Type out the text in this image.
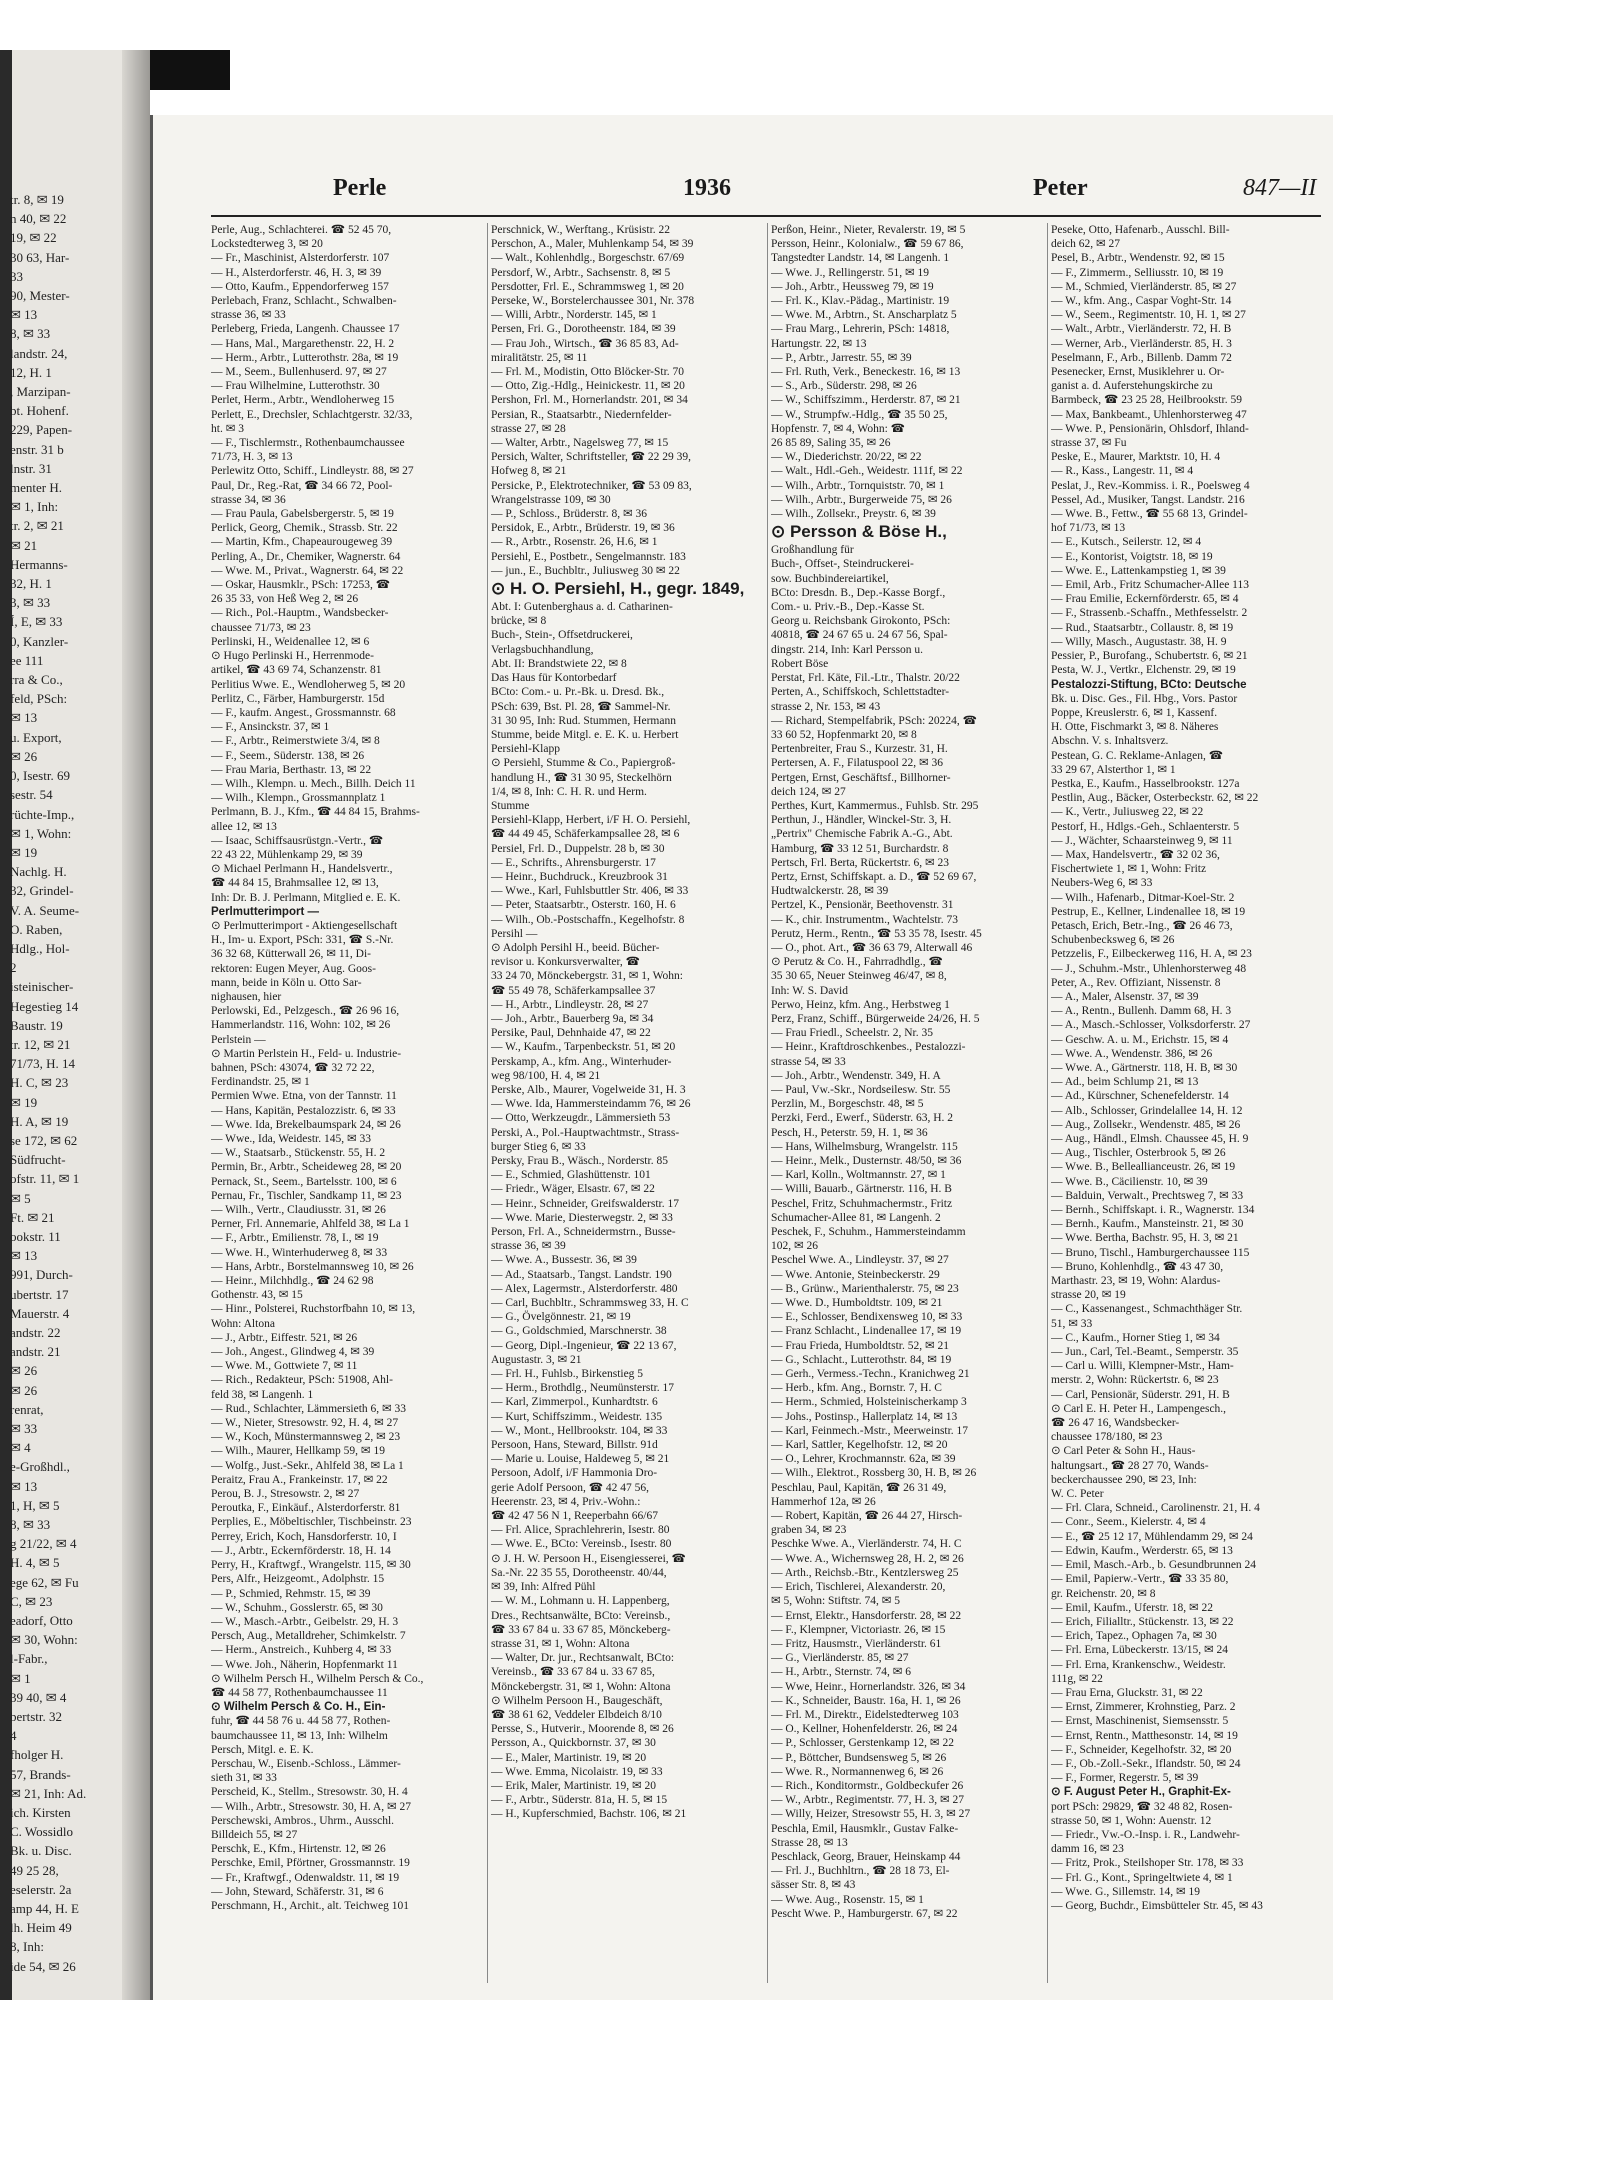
tr. 8, ✉ 19
n 40, ✉ 22
19, ✉ 22
30 63, Har-
33
90, Mester-
✉ 13
8, ✉ 33
landstr. 24,
12, H. 1
, Marzipan-
bt. Hohenf.
229, Papen-
enstr. 31 b
lnstr. 31
menter H.
✉ 1, Inh:
tr. 2, ✉ 21
✉ 21
Hermanns-
32, H. 1
3, ✉ 33
Í, E, ✉ 33
0, Kanzler-
ee 111
rra & Co.,
feld, PSch:
✉ 13
u. Export,
✉ 26
0, Isestr. 69
sestr. 54
rüchte-Imp.,
✉ 1, Wohn:
✉ 19
Nachlg. H.
32, Grindel-
V. A. Seume-
O. Raben,
Hdlg., Hol-
2
isteinischer-
Hegestieg 14
Baustr. 19
tr. 12, ✉ 21
71/73, H. 14
H. C, ✉ 23
✉ 19
H. A, ✉ 19
se 172, ✉ 62
Südfrucht-
ofstr. 11, ✉ 1
✉ 5
Ft. ✉ 21
ookstr. 11
✉ 13
991, Durch-
ubertstr. 17
Mauerstr. 4
andstr. 22
andstr. 21
✉ 26
✉ 26
renrat,
✉ 33
✉ 4
e-Großhdl.,
✉ 13
1, H, ✉ 5
8, ✉ 33
g 21/22, ✉ 4
H. 4, ✉ 5
ege 62, ✉ Fu
C, ✉ 23
eadorf, Otto
✉ 30, Wohn:
l-Fabr.,
✉ 1
39 40, ✉ 4
bertstr. 32
4
fholger H.
57, Brands-
✉ 21, Inh: Ad.
ich. Kirsten
C. Wossidlo
Bk. u. Disc.
49 25 28,
eselerstr. 2a
amp 44, H. E
lh. Heim 49
8, Inh:
ide 54, ✉ 26
Perle	1936	Peter	847—II
Perle, Aug., Schlachterei. ☎ 52 45 70,
Lockstedterweg 3, ✉ 20
— Fr., Maschinist, Alsterdorferstr. 107
— H., Alsterdorferstr. 46, H. 3, ✉ 39
— Otto, Kaufm., Eppendorferweg 157
Perlebach, Franz, Schlacht., Schwalben-
strasse 36, ✉ 33
Perleberg, Frieda, Langenh. Chaussee 17
— Hans, Mal., Margarethenstr. 22, H. 2
— Herm., Arbtr., Lutterothstr. 28a, ✉ 19
— M., Seem., Bullenhuserd. 97, ✉ 27
— Frau Wilhelmine, Lutterothstr. 30
Perlet, Herm., Arbtr., Wendloherweg 15
Perlett, E., Drechsler, Schlachtgerstr. 32/33,
ht. ✉ 3
— F., Tischlermstr., Rothenbaumchaussee
71/73, H. 3, ✉ 13
Perlewitz Otto, Schiff., Lindleystr. 88, ✉ 27
Paul, Dr., Reg.-Rat, ☎ 34 66 72, Pool-
strasse 34, ✉ 36
— Frau Paula, Gabelsbergerstr. 5, ✉ 19
Perlick, Georg, Chemik., Strassb. Str. 22
— Martin, Kfm., Chapeaurougeweg 39
Perling, A., Dr., Chemiker, Wagnerstr. 64
— Wwe. M., Privat., Wagnerstr. 64, ✉ 22
— Oskar, Hausmklr., PSch: 17253, ☎
26 35 33, von Heß Weg 2, ✉ 26
— Rich., Pol.-Hauptm., Wandsbecker-
chaussee 71/73, ✉ 23
Perlinski, H., Weidenallee 12, ✉ 6
⊙ Hugo Perlinski H., Herrenmode-
artikel, ☎ 43 69 74, Schanzenstr. 81
Perlitius Wwe. E., Wendloherweg 5, ✉ 20
Perlitz, C., Färber, Hamburgerstr. 15d
— F., kaufm. Angest., Grossmannstr. 68
— F., Ansinckstr. 37, ✉ 1
— F., Arbtr., Reimerstwiete 3/4, ✉ 8
— F., Seem., Süderstr. 138, ✉ 26
— Frau Maria, Berthastr. 13, ✉ 22
— Wilh., Klempn. u. Mech., Billh. Deich 11
— Wilh., Klempn., Grossmannplatz 1
Perlmann, B. J., Kfm., ☎ 44 84 15, Brahms-
allee 12, ✉ 13
— Isaac, Schiffsausrüstgn.-Vertr., ☎
22 43 22, Mühlenkamp 29, ✉ 39
⊙ Michael Perlmann H., Handelsvertr.,
☎ 44 84 15, Brahmsallee 12, ✉ 13,
Inh: Dr. B. J. Perlmann, Mitglied e. E. K.
Perlmutterimport —
⊙ Perlmutterimport - Aktiengesellschaft
H., Im- u. Export, PSch: 331, ☎ S.-Nr.
36 32 68, Kütterwall 26, ✉ 11, Di-
rektoren: Eugen Meyer, Aug. Goos-
mann, beide in Köln u. Otto Sar-
nighausen, hier
Perlowski, Ed., Pelzgesch., ☎ 26 96 16,
Hammerlandstr. 116, Wohn: 102, ✉ 26
Perlstein —
⊙ Martin Perlstein H., Feld- u. Industrie-
bahnen, PSch: 43074, ☎ 32 72 22,
Ferdinandstr. 25, ✉ 1
Permien Wwe. Etna, von der Tannstr. 11
— Hans, Kapitän, Pestalozzistr. 6, ✉ 33
— Wwe. Ida, Brekelbaumspark 24, ✉ 26
— Wwe., Ida, Weidestr. 145, ✉ 33
— W., Staatsarb., Stückenstr. 55, H. 2
Permin, Br., Arbtr., Scheideweg 28, ✉ 20
Pernack, St., Seem., Bartelsstr. 100, ✉ 6
Pernau, Fr., Tischler, Sandkamp 11, ✉ 23
— Wilh., Vertr., Claudiusstr. 31, ✉ 26
Perner, Frl. Annemarie, Ahlfeld 38, ✉ La 1
— F., Arbtr., Emilienstr. 78, I., ✉ 19
— Wwe. H., Winterhuderweg 8, ✉ 33
— Hans, Arbtr., Borstelmannsweg 10, ✉ 26
— Heinr., Milchhdlg., ☎ 24 62 98
Gothenstr. 43, ✉ 15
— Hinr., Polsterei, Ruchstorfbahn 10, ✉ 13,
Wohn: Altona
— J., Arbtr., Eiffestr. 521, ✉ 26
— Joh., Angest., Glindweg 4, ✉ 39
— Wwe. M., Gottwiete 7, ✉ 11
— Rich., Redakteur, PSch: 51908, Ahl-
feld 38, ✉ Langenh. 1
— Rud., Schlachter, Lämmersieth 6, ✉ 33
— W., Nieter, Stresowstr. 92, H. 4, ✉ 27
— W., Koch, Münstermannsweg 2, ✉ 23
— Wilh., Maurer, Hellkamp 59, ✉ 19
— Wolfg., Just.-Sekr., Ahlfeld 38, ✉ La 1
Peraitz, Frau A., Frankeinstr. 17, ✉ 22
Perou, B. J., Stresowstr. 2, ✉ 27
Peroutka, F., Einkäuf., Alsterdorferstr. 81
Perplies, E., Möbeltischler, Tischbeinstr. 23
Perrey, Erich, Koch, Hansdorferstr. 10, I
— J., Arbtr., Eckernförderstr. 18, H. 14
Perry, H., Kraftwgf., Wrangelstr. 115, ✉ 30
Pers, Alfr., Heizgeomt., Adolphstr. 15
— P., Schmied, Rehmstr. 15, ✉ 39
— W., Schuhm., Gosslerstr. 65, ✉ 30
— W., Masch.-Arbtr., Geibelstr. 29, H. 3
Persch, Aug., Metalldreher, Schimkelstr. 7
— Herm., Anstreich., Kuhberg 4, ✉ 33
— Wwe. Joh., Näherin, Hopfenmarkt 11
⊙ Wilhelm Persch H., Wilhelm Persch & Co.,
☎ 44 58 77, Rothenbaumchaussee 11
⊙ Wilhelm Persch & Co. H., Ein-
fuhr, ☎ 44 58 76 u. 44 58 77, Rothen-
baumchaussee 11, ✉ 13, Inh: Wilhelm
Persch, Mitgl. e. E. K.
Perschau, W., Eisenb.-Schloss., Lämmer-
sieth 31, ✉ 33
Perscheid, K., Stellm., Stresowstr. 30, H. 4
— Wilh., Arbtr., Stresowstr. 30, H. A, ✉ 27
Perschewski, Ambros., Uhrm., Ausschl.
Billdeich 55, ✉ 27
Perschk, E., Kfm., Hirtenstr. 12, ✉ 26
Perschke, Emil, Pförtner, Grossmannstr. 19
— Fr., Kraftwgf., Odenwaldstr. 11, ✉ 19
— John, Steward, Schäferstr. 31, ✉ 6
Perschmann, H., Archit., alt. Teichweg 101
Perschnick, W., Werftang., Krüsistr. 22
Perschon, A., Maler, Muhlenkamp 54, ✉ 39
— Walt., Kohlenhdlg., Borgeschstr. 67/69
Persdorf, W., Arbtr., Sachsenstr. 8, ✉ 5
Persdotter, Frl. E., Schrammsweg 1, ✉ 20
Perseke, W., Borstelerchaussee 301, Nr. 378
— Willi, Arbtr., Norderstr. 145, ✉ 1
Persen, Fri. G., Dorotheenstr. 184, ✉ 39
— Frau Joh., Wirtsch., ☎ 36 85 83, Ad-
miralitätstr. 25, ✉ 11
— Frl. M., Modistin, Otto Blöcker-Str. 70
— Otto, Zig.-Hdlg., Heinickestr. 11, ✉ 20
Pershon, Frl. M., Hornerlandstr. 201, ✉ 34
Persian, R., Staatsarbtr., Niedernfelder-
strasse 27, ✉ 28
— Walter, Arbtr., Nagelsweg 77, ✉ 15
Persich, Walter, Schriftsteller, ☎ 22 29 39,
Hofweg 8, ✉ 21
Persicke, P., Elektrotechniker, ☎ 53 09 83,
Wrangelstrasse 109, ✉ 30
— P., Schloss., Brüderstr. 8, ✉ 36
Persidok, E., Arbtr., Brüderstr. 19, ✉ 36
— R., Arbtr., Rosenstr. 26, H.6, ✉ 1
Persiehl, E., Postbetr., Sengelmannstr. 183
— jun., E., Buchbltr., Juliusweg 30 ✉ 22
⊙ H. O. Persiehl, H., gegr. 1849,
Abt. I: Gutenberghaus a. d. Catharinen-
brücke, ✉ 8
Buch-, Stein-, Offsetdruckerei,
Verlagsbuchhandlung,
Abt. II: Brandstwiete 22, ✉ 8
Das Haus für Kontorbedarf
BCto: Com.- u. Pr.-Bk. u. Dresd. Bk.,
PSch: 639, Bst. Pl. 28, ☎ Sammel-Nr.
31 30 95, Inh: Rud. Stummen, Hermann
Stumme, beide Mitgl. e. E. K. u. Herbert
Persiehl-Klapp
⊙ Persiehl, Stumme & Co., Papiergroß-
handlung H., ☎ 31 30 95, Steckelhörn
1/4, ✉ 8, Inh: C. H. R. und Herm.
Stumme
Persiehl-Klapp, Herbert, i/F H. O. Persiehl,
☎ 44 49 45, Schäferkampsallee 28, ✉ 6
Persiel, Frl. D., Duppelstr. 28 b, ✉ 30
— E., Schrifts., Ahrensburgerstr. 17
— Heinr., Buchdruck., Kreuzbrook 31
— Wwe., Karl, Fuhlsbuttler Str. 406, ✉ 33
— Peter, Staatsarbtr., Osterstr. 160, H. 6
— Wilh., Ob.-Postschaffn., Kegelhofstr. 8
Persihl —
⊙ Adolph Persihl H., beeid. Bücher-
revisor u. Konkursverwalter, ☎
33 24 70, Mönckebergstr. 31, ✉ 1, Wohn:
☎ 55 49 78, Schäferkampsallee 37
— H., Arbtr., Lindleystr. 28, ✉ 27
— Joh., Arbtr., Bauerberg 9a, ✉ 34
Persike, Paul, Dehnhaide 47, ✉ 22
— W., Kaufm., Tarpenbeckstr. 51, ✉ 20
Perskamp, A., kfm. Ang., Winterhuder-
weg 98/100, H. 4, ✉ 21
Perske, Alb., Maurer, Vogelweide 31, H. 3
— Wwe. Ida, Hammersteindamm 76, ✉ 26
— Otto, Werkzeugdr., Lämmersieth 53
Perski, A., Pol.-Hauptwachtmstr., Strass-
burger Stieg 6, ✉ 33
Persky, Frau B., Wäsch., Norderstr. 85
— E., Schmied, Glashüttenstr. 101
— Friedr., Wäger, Elsastr. 67, ✉ 22
— Heinr., Schneider, Greifswalderstr. 17
— Wwe. Marie, Diesterwegstr. 2, ✉ 33
Person, Frl. A., Schneidermstrn., Busse-
strasse 36, ✉ 39
— Wwe. A., Bussestr. 36, ✉ 39
— Ad., Staatsarb., Tangst. Landstr. 190
— Alex, Lagermstr., Alsterdorferstr. 480
— Carl, Buchbltr., Schrammsweg 33, H. C
— G., Övelgönnestr. 21, ✉ 19
— G., Goldschmied, Marschnerstr. 38
— Georg, Dipl.-Ingenieur, ☎ 22 13 67,
Augustastr. 3, ✉ 21
— Frl. H., Fuhlsb., Birkenstieg 5
— Herm., Brothdlg., Neumünsterstr. 17
— Karl, Zimmerpol., Kunhardtstr. 6
— Kurt, Schiffszimm., Weidestr. 135
— W., Mont., Hellbrookstr. 104, ✉ 33
Persoon, Hans, Steward, Billstr. 91d
— Marie u. Louise, Haldeweg 5, ✉ 21
Persoon, Adolf, i/F Hammonia Dro-
gerie Adolf Persoon, ☎ 42 47 56,
Heerenstr. 23, ✉ 4, Priv.-Wohn.:
☎ 42 47 56 N 1, Reeperbahn 66/67
— Frl. Alice, Sprachlehrerin, Isestr. 80
— Wwe. E., BCto: Vereinsb., Isestr. 80
⊙ J. H. W. Persoon H., Eisengiesserei, ☎
Sa.-Nr. 22 35 55, Dorotheenstr. 40/44,
✉ 39, Inh: Alfred Pühl
— W. M., Lohmann u. H. Lappenberg,
Dres., Rechtsanwälte, BCto: Vereinsb.,
☎ 33 67 84 u. 33 67 85, Mönckeberg-
strasse 31, ✉ 1, Wohn: Altona
— Walter, Dr. jur., Rechtsanwalt, BCto:
Vereinsb., ☎ 33 67 84 u. 33 67 85,
Mönckebergstr. 31, ✉ 1, Wohn: Altona
⊙ Wilhelm Persoon H., Baugeschäft,
☎ 38 61 62, Veddeler Elbdeich 8/10
Persse, S., Hutverir., Moorende 8, ✉ 26
Persson, A., Quickbornstr. 37, ✉ 30
— E., Maler, Martinistr. 19, ✉ 20
— Wwe. Emma, Nicolaistr. 19, ✉ 33
— Erik, Maler, Martinistr. 19, ✉ 20
— F., Arbtr., Süderstr. 81a, H. 5, ✉ 15
— H., Kupferschmied, Bachstr. 106, ✉ 21
Perßon, Heinr., Nieter, Revalerstr. 19, ✉ 5
Persson, Heinr., Kolonialw., ☎ 59 67 86,
Tangstedter Landstr. 14, ✉ Langenh. 1
— Wwe. J., Rellingerstr. 51, ✉ 19
— Joh., Arbtr., Heussweg 79, ✉ 19
— Frl. K., Klav.-Pädag., Martinistr. 19
— Wwe. M., Arbtrn., St. Anscharplatz 5
— Frau Marg., Lehrerin, PSch: 14818,
Hartungstr. 22, ✉ 13
— P., Arbtr., Jarrestr. 55, ✉ 39
— Frl. Ruth, Verk., Beneckestr. 16, ✉ 13
— S., Arb., Süderstr. 298, ✉ 26
— W., Schiffszimm., Herderstr. 87, ✉ 21
— W., Strumpfw.-Hdlg., ☎ 35 50 25,
Hopfenstr. 7, ✉ 4, Wohn: ☎
26 85 89, Saling 35, ✉ 26
— W., Diederichstr. 20/22, ✉ 22
— Walt., Hdl.-Geh., Weidestr. 111f, ✉ 22
— Wilh., Arbtr., Tornquiststr. 70, ✉ 1
— Wilh., Arbtr., Burgerweide 75, ✉ 26
— Wilh., Zollsekr., Preystr. 6, ✉ 39
⊙ Persson & Böse H.,
Großhandlung für
Buch-, Offset-, Steindruckerei-
sow. Buchbindereiartikel,
BCto: Dresdn. B., Dep.-Kasse Borgf.,
Com.- u. Priv.-B., Dep.-Kasse St.
Georg u. Reichsbank Girokonto, PSch:
40818, ☎ 24 67 65 u. 24 67 56, Spal-
dingstr. 214, Inh: Karl Persson u.
Robert Böse
Perstat, Frl. Käte, Fil.-Ltr., Thalstr. 20/22
Perten, A., Schiffskoch, Schlettstadter-
strasse 2, Nr. 153, ✉ 43
— Richard, Stempelfabrik, PSch: 20224, ☎
33 60 52, Hopfenmarkt 20, ✉ 8
Pertenbreiter, Frau S., Kurzestr. 31, H.
Pertersen, A. F., Filatuspool 22, ✉ 36
Pertgen, Ernst, Geschäftsf., Billhorner-
deich 124, ✉ 27
Perthes, Kurt, Kammermus., Fuhlsb. Str. 295
Perthun, J., Händler, Winckel-Str. 3, H.
„Pertrix" Chemische Fabrik A.-G., Abt.
Hamburg, ☎ 33 12 51, Burchardstr. 8
Pertsch, Frl. Berta, Rückertstr. 6, ✉ 23
Pertz, Ernst, Schiffskapt. a. D., ☎ 52 69 67,
Hudtwalckerstr. 28, ✉ 39
Pertzel, K., Pensionär, Beethovenstr. 31
— K., chir. Instrumentm., Wachtelstr. 73
Perutz, Herm., Rentn., ☎ 53 35 78, Isestr. 45
— O., phot. Art., ☎ 36 63 79, Alterwall 46
⊙ Perutz & Co. H., Fahrradhdlg., ☎
35 30 65, Neuer Steinweg 46/47, ✉ 8,
Inh: W. S. David
Perwo, Heinz, kfm. Ang., Herbstweg 1
Perz, Franz, Schiff., Bürgerweide 24/26, H. 5
— Frau Friedl., Scheelstr. 2, Nr. 35
— Heinr., Kraftdroschkenbes., Pestalozzi-
strasse 54, ✉ 33
— Joh., Arbtr., Wendenstr. 349, H. A
— Paul, Vw.-Skr., Nordseilesw. Str. 55
Perzlin, M., Borgeschstr. 48, ✉ 5
Perzki, Ferd., Ewerf., Süderstr. 63, H. 2
Pesch, H., Peterstr. 59, H. 1, ✉ 36
— Hans, Wilhelmsburg, Wrangelstr. 115
— Heinr., Melk., Dusternstr. 48/50, ✉ 36
— Karl, Kolln., Woltmannstr. 27, ✉ 1
— Willi, Bauarb., Gärtnerstr. 116, H. B
Peschel, Fritz, Schuhmachermstr., Fritz
Schumacher-Allee 81, ✉ Langenh. 2
Peschek, F., Schuhm., Hammersteindamm
102, ✉ 26
Peschel Wwe. A., Lindleystr. 37, ✉ 27
— Wwe. Antonie, Steinbeckerstr. 29
— B., Grünw., Marienthalerstr. 75, ✉ 23
— Wwe. D., Humboldtstr. 109, ✉ 21
— E., Schlosser, Bendixensweg 10, ✉ 33
— Franz Schlacht., Lindenallee 17, ✉ 19
— Frau Frieda, Humboldtstr. 52, ✉ 21
— G., Schlacht., Lutterothstr. 84, ✉ 19
— Gerh., Vermess.-Techn., Kranichweg 21
— Herb., kfm. Ang., Bornstr. 7, H. C
— Herm., Schmied, Holsteinischerkamp 3
— Johs., Postinsp., Hallerplatz 14, ✉ 13
— Karl, Feinmech.-Mstr., Meerweinstr. 17
— Karl, Sattler, Kegelhofstr. 12, ✉ 20
— O., Lehrer, Krochmannstr. 62a, ✉ 39
— Wilh., Elektrot., Rossberg 30, H. B, ✉ 26
Peschlau, Paul, Kapitän, ☎ 26 31 49,
Hammerhof 12a, ✉ 26
— Robert, Kapitän, ☎ 26 44 27, Hirsch-
graben 34, ✉ 23
Peschke Wwe. A., Vierländerstr. 74, H. C
— Wwe. A., Wichernsweg 28, H. 2, ✉ 26
— Arth., Reichsb.-Btr., Kentzlersweg 25
— Erich, Tischlerei, Alexanderstr. 20,
✉ 5, Wohn: Stiftstr. 74, ✉ 5
— Ernst, Elektr., Hansdorferstr. 28, ✉ 22
— F., Klempner, Victoriastr. 26, ✉ 15
— Fritz, Hausmstr., Vierländerstr. 61
— G., Vierländerstr. 85, ✉ 27
— H., Arbtr., Sternstr. 74, ✉ 6
— Wwe, Heinr., Hornerlandstr. 326, ✉ 34
— K., Schneider, Baustr. 16a, H. 1, ✉ 26
— Frl. M., Direktr., Eidelstedterweg 103
— O., Kellner, Hohenfelderstr. 26, ✉ 24
— P., Schlosser, Gerstenkamp 12, ✉ 22
— P., Böttcher, Bundsensweg 5, ✉ 26
— Wwe. R., Normannenweg 6, ✉ 26
— Rich., Konditormstr., Goldbeckufer 26
— W., Arbtr., Regimentstr. 77, H. 3, ✉ 27
— Willy, Heizer, Stresowstr 55, H. 3, ✉ 27
Peschla, Emil, Hausmklr., Gustav Falke-
Strasse 28, ✉ 13
Peschlack, Georg, Brauer, Heinskamp 44
— Frl. J., Buchhltrn., ☎ 28 18 73, El-
sässer Str. 8, ✉ 43
— Wwe. Aug., Rosenstr. 15, ✉ 1
Pescht Wwe. P., Hamburgerstr. 67, ✉ 22
Peseke, Otto, Hafenarb., Ausschl. Bill-
deich 62, ✉ 27
Pesel, B., Arbtr., Wendenstr. 92, ✉ 15
— F., Zimmerm., Selliusstr. 10, ✉ 19
— M., Schmied, Vierländerstr. 85, ✉ 27
— W., kfm. Ang., Caspar Voght-Str. 14
— W., Seem., Regimentstr. 10, H. 1, ✉ 27
— Walt., Arbtr., Vierländerstr. 72, H. B
— Werner, Arb., Vierländerstr. 85, H. 3
Peselmann, F., Arb., Billenb. Damm 72
Pesenecker, Ernst, Musiklehrer u. Or-
ganist a. d. Auferstehungskirche zu
Barmbeck, ☎ 23 25 28, Heilbrookstr. 59
— Max, Bankbeamt., Uhlenhorsterweg 47
— Wwe. P., Pensionärin, Ohlsdorf, Ihland-
strasse 37, ✉ Fu
Peske, E., Maurer, Marktstr. 10, H. 4
— R., Kass., Langestr. 11, ✉ 4
Peslat, J., Rev.-Kommiss. i. R., Poelsweg 4
Pessel, Ad., Musiker, Tangst. Landstr. 216
— Wwe. B., Fettw., ☎ 55 68 13, Grindel-
hof 71/73, ✉ 13
— E., Kutsch., Seilerstr. 12, ✉ 4
— E., Kontorist, Voigtstr. 18, ✉ 19
— Wwe. E., Lattenkampstieg 1, ✉ 39
— Emil, Arb., Fritz Schumacher-Allee 113
— Frau Emilie, Eckernförderstr. 65, ✉ 4
— F., Strassenb.-Schaffn., Methfesselstr. 2
— Rud., Staatsarbtr., Collaustr. 8, ✉ 19
— Willy, Masch., Augustastr. 38, H. 9
Pessier, P., Burofang., Schubertstr. 6, ✉ 21
Pesta, W. J., Vertkr., Elchenstr. 29, ✉ 19
Pestalozzi-Stiftung, BCto: Deutsche
Bk. u. Disc. Ges., Fil. Hbg., Vors. Pastor
Poppe, Kreuslerstr. 6, ✉ 1, Kassenf.
H. Otte, Fischmarkt 3, ✉ 8. Näheres
Abschn. V. s. Inhaltsverz.
Pestean, G. C. Reklame-Anlagen, ☎
33 29 67, Alsterthor 1, ✉ 1
Pestka, E., Kaufm., Hasselbrookstr. 127a
Pestlin, Aug., Bäcker, Osterbeckstr. 62, ✉ 22
— K., Vertr., Juliusweg 22, ✉ 22
Pestorf, H., Hdlgs.-Geh., Schlaenterstr. 5
— J., Wächter, Schaarsteinweg 9, ✉ 11
— Max, Handelsvertr., ☎ 32 02 36,
Fischertwiete 1, ✉ 1, Wohn: Fritz
Neubers-Weg 6, ✉ 33
— Wilh., Hafenarb., Ditmar-Koel-Str. 2
Pestrup, E., Kellner, Lindenallee 18, ✉ 19
Petasch, Erich, Betr.-Ing., ☎ 26 46 73,
Schubenbecksweg 6, ✉ 26
Petzzelis, F., Eilbeckerweg 116, H. A, ✉ 23
— J., Schuhm.-Mstr., Uhlenhorsterweg 48
Peter, A., Rev. Offiziant, Nissenstr. 8
— A., Maler, Alsenstr. 37, ✉ 39
— A., Rentn., Bullenh. Damm 68, H. 3
— A., Masch.-Schlosser, Volksdorferstr. 27
— Geschw. A. u. M., Erichstr. 15, ✉ 4
— Wwe. A., Wendenstr. 386, ✉ 26
— Wwe. A., Gärtnerstr. 118, H. B, ✉ 30
— Ad., beim Schlump 21, ✉ 13
— Ad., Kürschner, Schenefelderstr. 14
— Alb., Schlosser, Grindelallee 14, H. 12
— Aug., Zollsekr., Wendenstr. 485, ✉ 26
— Aug., Händl., Elmsh. Chaussee 45, H. 9
— Aug., Tischler, Osterbrook 5, ✉ 26
— Wwe. B., Belleallianceustr. 26, ✉ 19
— Wwe. B., Cäcilienstr. 10, ✉ 39
— Balduin, Verwalt., Prechtsweg 7, ✉ 33
— Bernh., Schiffskapt. i. R., Wagnerstr. 134
— Bernh., Kaufm., Mansteinstr. 21, ✉ 30
— Wwe. Bertha, Bachstr. 95, H. 3, ✉ 21
— Bruno, Tischl., Hamburgerchaussee 115
— Bruno, Kohlenhdlg., ☎ 43 47 30,
Marthastr. 23, ✉ 19, Wohn: Alardus-
strasse 20, ✉ 19
— C., Kassenangest., Schmachthäger Str.
51, ✉ 33
— C., Kaufm., Horner Stieg 1, ✉ 34
— Jun., Carl, Tel.-Beamt., Semperstr. 35
— Carl u. Willi, Klempner-Mstr., Ham-
merstr. 2, Wohn: Rückertstr. 6, ✉ 23
— Carl, Pensionär, Süderstr. 291, H. B
⊙ Carl E. H. Peter H., Lampengesch.,
☎ 26 47 16, Wandsbecker-
chaussee 178/180, ✉ 23
⊙ Carl Peter & Sohn H., Haus-
haltungsart., ☎ 28 27 70, Wands-
beckerchaussee 290, ✉ 23, Inh:
W. C. Peter
— Frl. Clara, Schneid., Carolinenstr. 21, H. 4
— Conr., Seem., Kielerstr. 4, ✉ 4
— E., ☎ 25 12 17, Mühlendamm 29, ✉ 24
— Edwin, Kaufm., Werderstr. 65, ✉ 13
— Emil, Masch.-Arb., b. Gesundbrunnen 24
— Emil, Papierw.-Vertr., ☎ 33 35 80,
gr. Reichenstr. 20, ✉ 8
— Emil, Kaufm., Uferstr. 18, ✉ 22
— Erich, Filialltr., Stückenstr. 13, ✉ 22
— Erich, Tapez., Ophagen 7a, ✉ 30
— Frl. Erna, Lübeckerstr. 13/15, ✉ 24
— Frl. Erna, Krankenschw., Weidestr.
111g, ✉ 22
— Frau Erna, Gluckstr. 31, ✉ 22
— Ernst, Zimmerer, Krohnstieg, Parz. 2
— Ernst, Maschinenist, Siemsensstr. 5
— Ernst, Rentn., Matthesonstr. 14, ✉ 19
— F., Schneider, Kegelhofstr. 32, ✉ 20
— F., Ob.-Zoll.-Sekr., Iflandstr. 50, ✉ 24
— F., Former, Regerstr. 5, ✉ 39
⊙ F. August Peter H., Graphit-Ex-
port PSch: 29829, ☎ 32 48 82, Rosen-
strasse 50, ✉ 1, Wohn: Auenstr. 12
— Friedr., Vw.-O.-Insp. i. R., Landwehr-
damm 16, ✉ 23
— Fritz, Prok., Steilshoper Str. 178, ✉ 33
— Frl. G., Kont., Springeltwiete 4, ✉ 1
— Wwe. G., Sillemstr. 14, ✉ 19
— Georg, Buchdr., Eimsbütteler Str. 45, ✉ 43
